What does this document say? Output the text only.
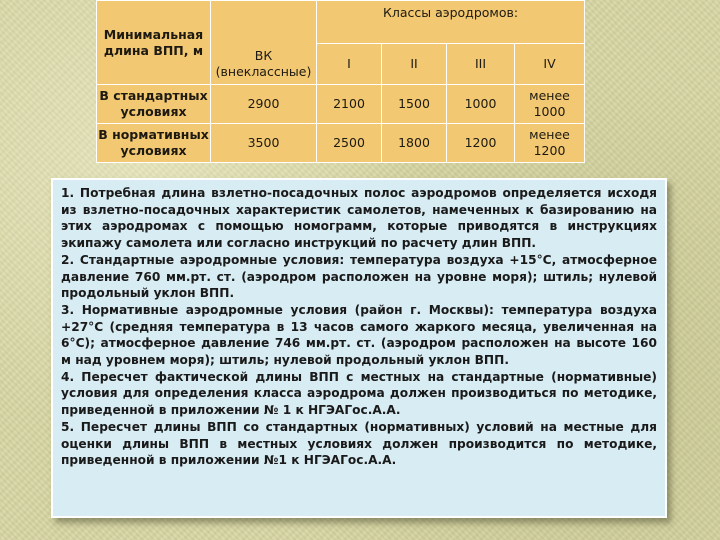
Минимальная длина ВПП, м		Классы аэродромов:			
	ВК (внеклассные)	I	II	III	IV
В стандартных условиях	2900	2100	1500	1000	менее 1000
В нормативных условиях	3500	2500	1800	1200	менее 1200

1. Потребная длина взлетно-посадочных полос аэродромов определяется исходя из взлетно-посадочных характеристик самолетов, намеченных к базированию на этих аэродромах с помощью номограмм, которые приводятся в инструкциях экипажу самолета или согласно инструкций по расчету длин ВПП.

2. Стандартные аэродромные условия: температура воздуха +15°С, атмосферное давление 760 мм.рт. ст. (аэродром расположен на уровне моря); штиль; нулевой продольный уклон ВПП.

3. Нормативные аэродромные условия (район г. Москвы): температура воздуха +27°С (средняя температура в 13 часов самого жаркого месяца, увеличенная на 6°С); атмосферное давление 746 мм.рт. ст. (аэродром расположен на высоте 160 м над уровнем моря); штиль; нулевой продольный уклон ВПП.

4. Пересчет фактической длины ВПП с местных на стандартные (нормативные) условия для определения класса аэродрома должен производиться по методике, приведенной в приложении № 1 к НГЭАГос.А.А.

5. Пересчет длины ВПП со стандартных (нормативных) условий на местные для оценки длины ВПП в местных условиях должен производится по методике, приведенной в приложении №1 к НГЭАГос.А.А.
